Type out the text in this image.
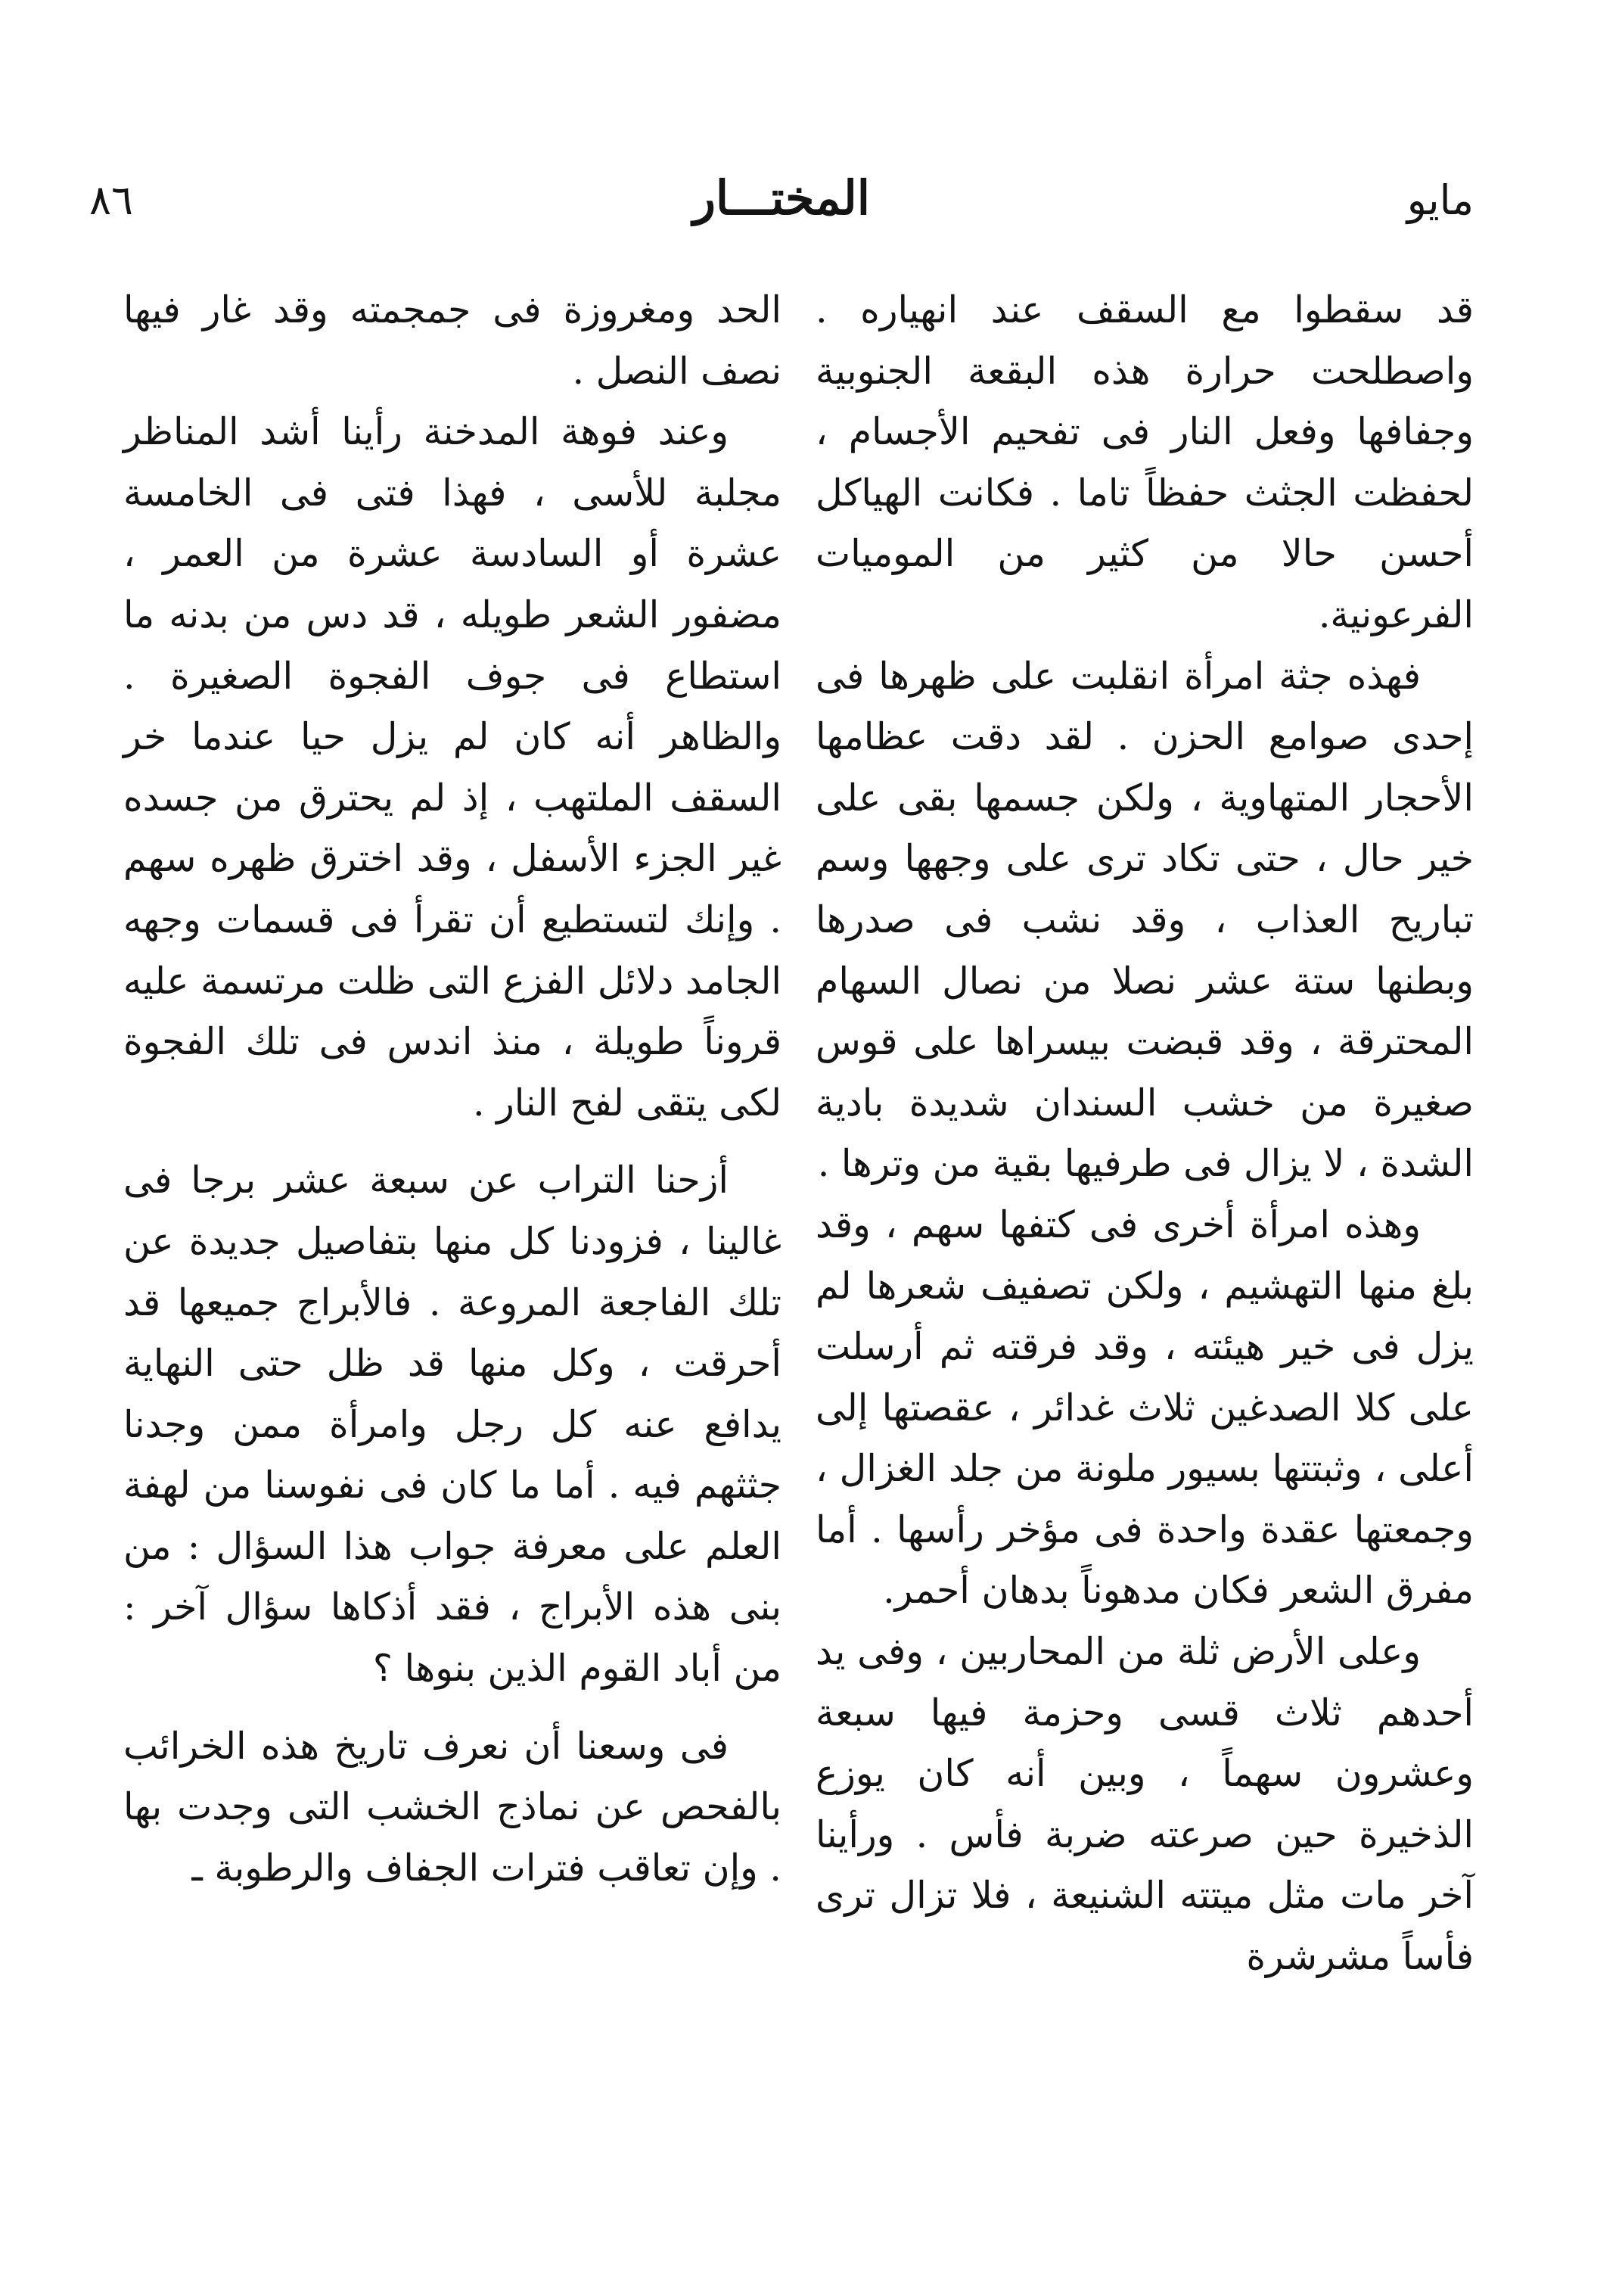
٨٦	المختـــار	مايو

قد سقطوا مع السقف عند انهياره . واصطلحت حرارة هذه البقعة الجنوبية وجفافها وفعل النار فى تفحيم الأجسام ، لحفظت الجثث حفظاً تاما . فكانت الهياكل أحسن حالا من كثير من الموميات الفرعونية.

فهذه جثة امرأة انقلبت على ظهرها فى إحدى صوامع الحزن . لقد دقت عظامها الأحجار المتهاوية ، ولكن جسمها بقى على خير حال ، حتى تكاد ترى على وجهها وسم تباريح العذاب ، وقد نشب فى صدرها وبطنها ستة عشر نصلا من نصال السهام المحترقة ، وقد قبضت بيسراها على قوس صغيرة من خشب السندان شديدة بادية الشدة ، لا يزال فى طرفيها بقية من وترها .

وهذه امرأة أخرى فى كتفها سهم ، وقد بلغ منها التهشيم ، ولكن تصفيف شعرها لم يزل فى خير هيئته ، وقد فرقته ثم أرسلت على كلا الصدغين ثلاث غدائر ، عقصتها إلى أعلى ، وثبتتها بسيور ملونة من جلد الغزال ، وجمعتها عقدة واحدة فى مؤخر رأسها . أما مفرق الشعر فكان مدهوناً بدهان أحمر.

وعلى الأرض ثلة من المحاربين ، وفى يد أحدهم ثلاث قسى وحزمة فيها سبعة وعشرون سهماً ، وبين أنه كان يوزع الذخيرة حين صرعته ضربة فأس . ورأينا آخر مات مثل ميتته الشنيعة ، فلا تزال ترى فأساً مشرشرة

الحد ومغروزة فى جمجمته وقد غار فيها نصف النصل .

وعند فوهة المدخنة رأينا أشد المناظر مجلبة للأسى ، فهذا فتى فى الخامسة عشرة أو السادسة عشرة من العمر ، مضفور الشعر طويله ، قد دس من بدنه ما استطاع فى جوف الفجوة الصغيرة . والظاهر أنه كان لم يزل حيا عندما خر السقف الملتهب ، إذ لم يحترق من جسده غير الجزء الأسفل ، وقد اخترق ظهره سهم . وإنك لتستطيع أن تقرأ فى قسمات وجهه الجامد دلائل الفزع التى ظلت مرتسمة عليه قروناً طويلة ، منذ اندس فى تلك الفجوة لكى يتقى لفح النار .

أزحنا التراب عن سبعة عشر برجا فى غالينا ، فزودنا كل منها بتفاصيل جديدة عن تلك الفاجعة المروعة . فالأبراج جميعها قد أحرقت ، وكل منها قد ظل حتى النهاية يدافع عنه كل رجل وامرأة ممن وجدنا جثثهم فيه . أما ما كان فى نفوسنا من لهفة العلم على معرفة جواب هذا السؤال : من بنى هذه الأبراج ، فقد أذكاها سؤال آخر : من أباد القوم الذين بنوها ؟

فى وسعنا أن نعرف تاريخ هذه الخرائب بالفحص عن نماذج الخشب التى وجدت بها . وإن تعاقب فترات الجفاف والرطوبة ـ
